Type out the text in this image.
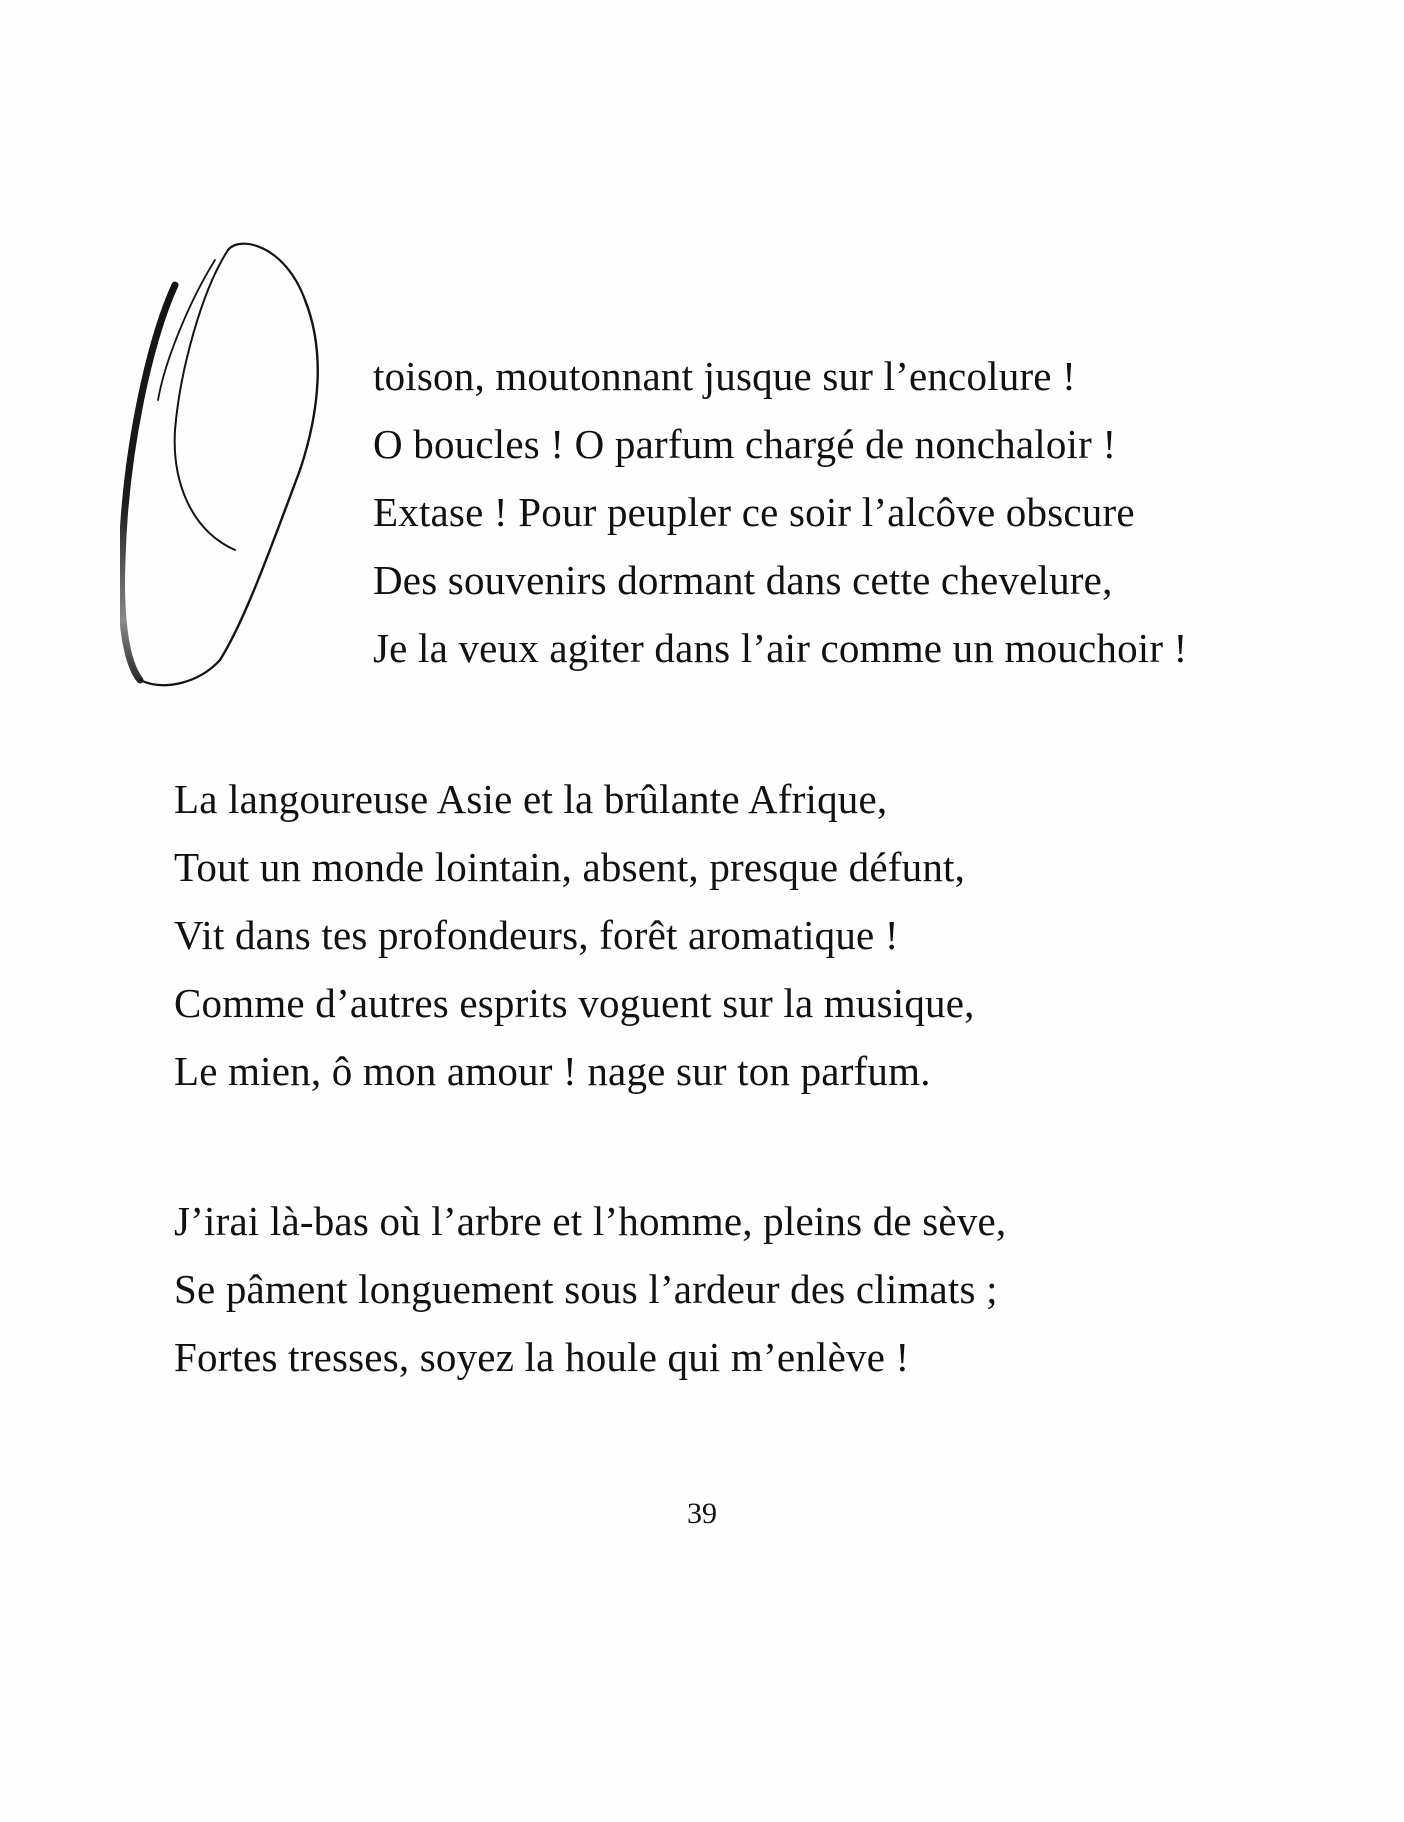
toison, moutonnant jusque sur l’encolure !
O boucles ! O parfum chargé de nonchaloir !
Extase ! Pour peupler ce soir l’alcôve obscure
Des souvenirs dormant dans cette chevelure,
Je la veux agiter dans l’air comme un mouchoir !
La langoureuse Asie et la brûlante Afrique,
Tout un monde lointain, absent, presque défunt,
Vit dans tes profondeurs, forêt aromatique !
Comme d’autres esprits voguent sur la musique,
Le mien, ô mon amour ! nage sur ton parfum.
J’irai là-bas où l’arbre et l’homme, pleins de sève,
Se pâment longuement sous l’ardeur des climats ;
Fortes tresses, soyez la houle qui m’enlève !
39
